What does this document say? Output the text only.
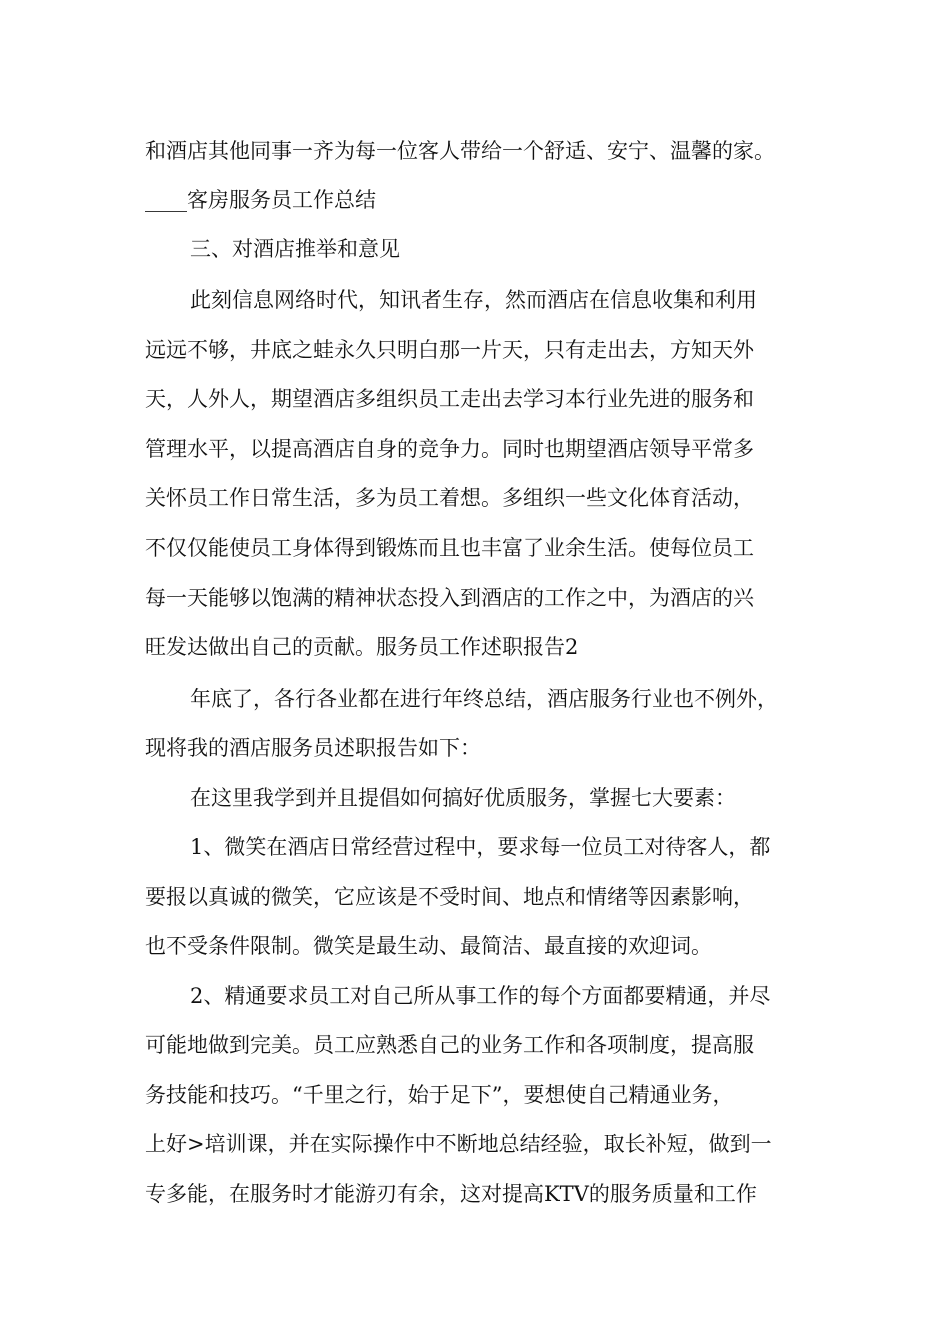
和酒店其他同事一齐为每一位客人带给一个舒适、安宁、温馨的家。
____客房服务员工作总结
三、对酒店推举和意见
此刻信息网络时代，知讯者生存，然而酒店在信息收集和利用
远远不够，井底之蛙永久只明白那一片天，只有走出去，方知天外
天，人外人，期望酒店多组织员工走出去学习本行业先进的服务和
管理水平，以提高酒店自身的竞争力。同时也期望酒店领导平常多
关怀员工作日常生活，多为员工着想。多组织一些文化体育活动，
不仅仅能使员工身体得到锻炼而且也丰富了业余生活。使每位员工
每一天能够以饱满的精神状态投入到酒店的工作之中，为酒店的兴
旺发达做出自己的贡献。服务员工作述职报告2
年底了，各行各业都在进行年终总结，酒店服务行业也不例外，
现将我的酒店服务员述职报告如下：
在这里我学到并且提倡如何搞好优质服务，掌握七大要素：
1、微笑在酒店日常经营过程中，要求每一位员工对待客人，都
要报以真诚的微笑，它应该是不受时间、地点和情绪等因素影响，
也不受条件限制。微笑是最生动、最简洁、最直接的欢迎词。
2、精通要求员工对自己所从事工作的每个方面都要精通，并尽
可能地做到完美。员工应熟悉自己的业务工作和各项制度，提高服
务技能和技巧。“千里之行，始于足下”，要想使自己精通业务，
上好>培训课，并在实际操作中不断地总结经验，取长补短，做到一
专多能，在服务时才能游刃有余，这对提高KTV的服务质量和工作
